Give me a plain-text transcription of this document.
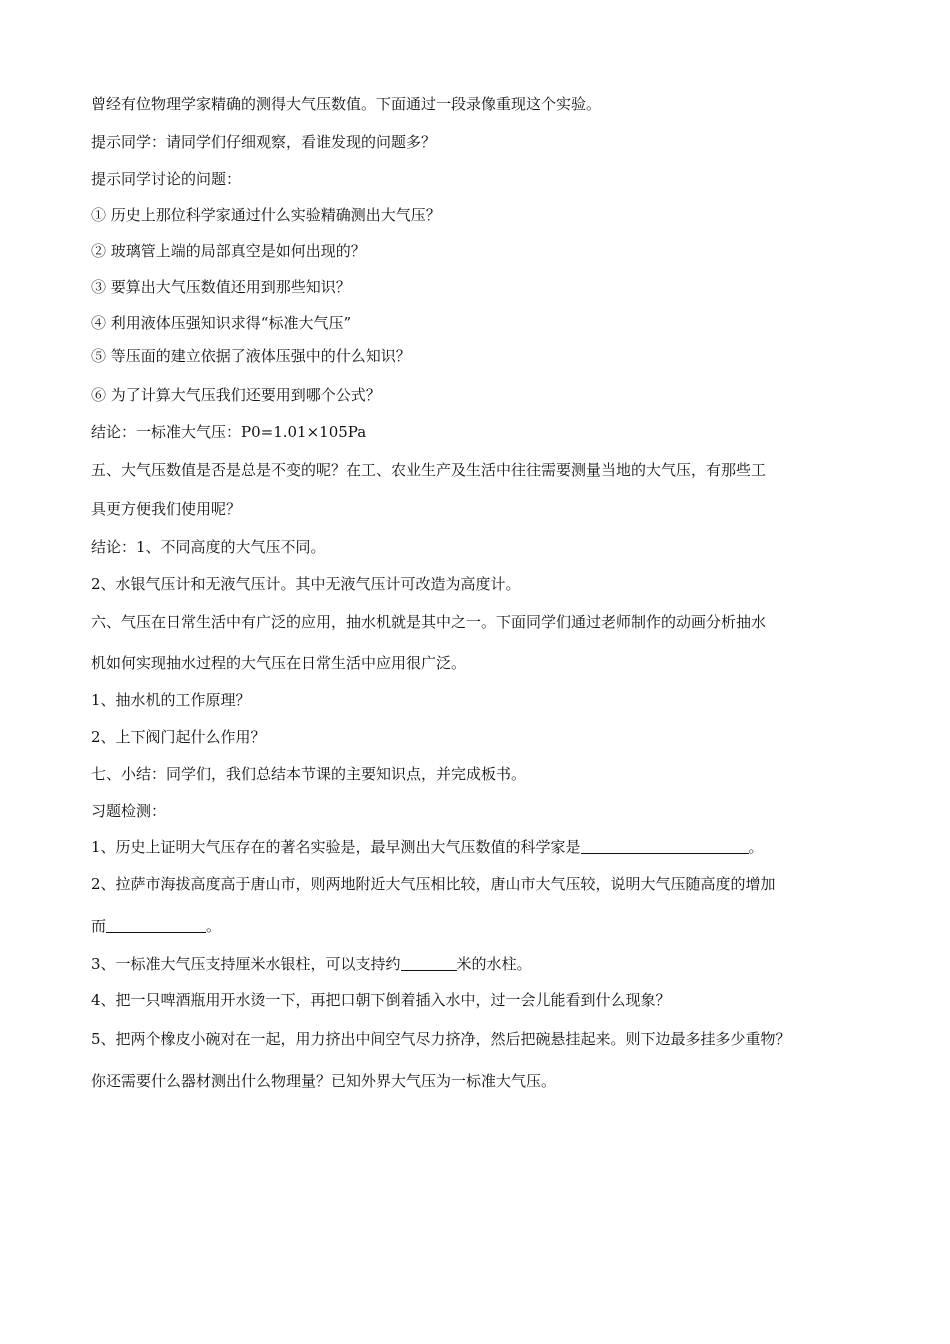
曾经有位物理学家精确的测得大气压数值。下面通过一段录像重现这个实验。

提示同学：请同学们仔细观察，看谁发现的问题多？

提示同学讨论的问题：

① 历史上那位科学家通过什么实验精确测出大气压？

② 玻璃管上端的局部真空是如何出现的？

③ 要算出大气压数值还用到那些知识？

④ 利用液体压强知识求得“标准大气压”

⑤ 等压面的建立依据了液体压强中的什么知识？

⑥ 为了计算大气压我们还要用到哪个公式？

结论：一标准大气压：P0=1.01×105Pa

五、大气压数值是否是总是不变的呢？在工、农业生产及生活中往往需要测量当地的大气压，有那些工

具更方便我们使用呢？

结论：1、不同高度的大气压不同。

2、水银气压计和无液气压计。其中无液气压计可改造为高度计。

六、气压在日常生活中有广泛的应用，抽水机就是其中之一。下面同学们通过老师制作的动画分析抽水

机如何实现抽水过程的大气压在日常生活中应用很广泛。

1、抽水机的工作原理？

2、上下阀门起什么作用？

七、小结：同学们，我们总结本节课的主要知识点，并完成板书。

习题检测：

1、历史上证明大气压存在的著名实验是，最早测出大气压数值的科学家是	。

2、拉萨市海拔高度高于唐山市，则两地附近大气压相比较，唐山市大气压较，说明大气压随高度的增加

而	。

3、一标准大气压支持厘米水银柱，可以支持约	米的水柱。

4、把一只啤酒瓶用开水烫一下，再把口朝下倒着插入水中，过一会儿能看到什么现象？

5、把两个橡皮小碗对在一起，用力挤出中间空气尽力挤净，然后把碗悬挂起来。则下边最多挂多少重物？

你还需要什么器材测出什么物理量？已知外界大气压为一标准大气压。
